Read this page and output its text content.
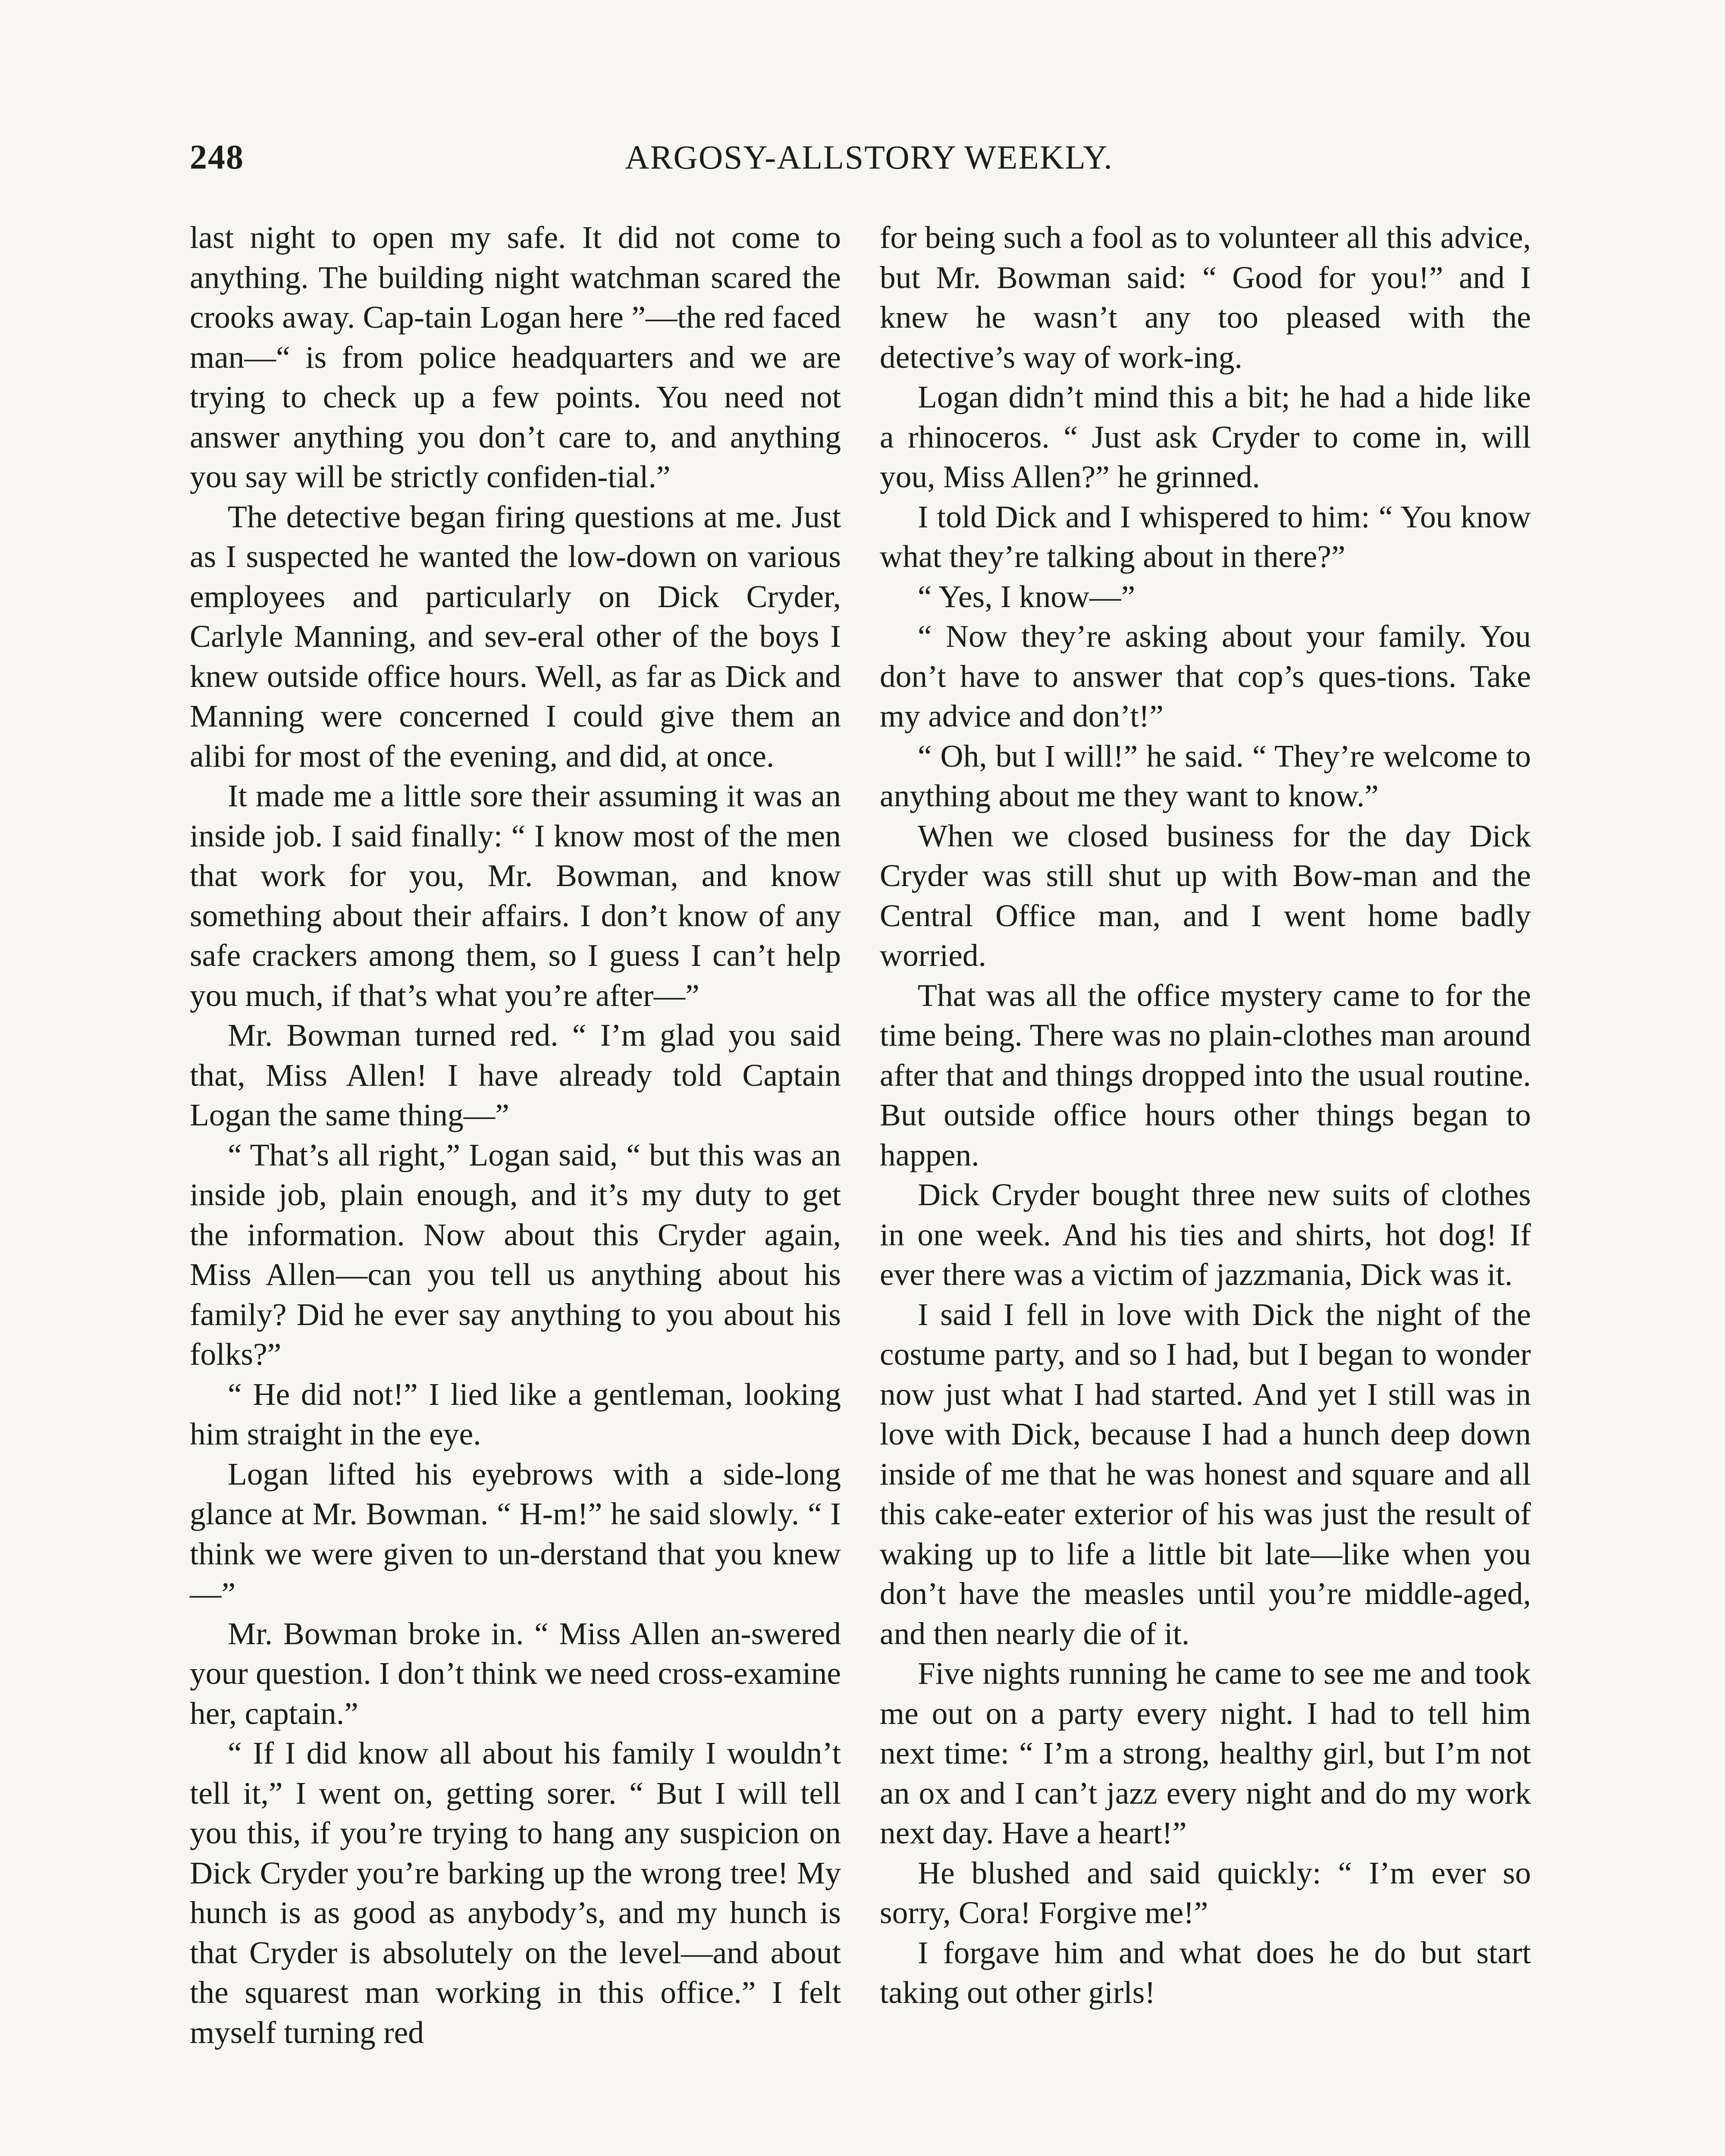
248	ARGOSY-ALLSTORY WEEKLY.

last night to open my safe. It did not come to anything. The building night watchman scared the crooks away. Cap-tain Logan here ”—the red faced man—“ is from police headquarters and we are trying to check up a few points. You need not answer anything you don’t care to, and anything you say will be strictly confiden-tial.”

The detective began firing questions at me. Just as I suspected he wanted the low-down on various employees and particularly on Dick Cryder, Carlyle Manning, and sev-eral other of the boys I knew outside office hours. Well, as far as Dick and Manning were concerned I could give them an alibi for most of the evening, and did, at once.

It made me a little sore their assuming it was an inside job. I said finally: “ I know most of the men that work for you, Mr. Bowman, and know something about their affairs. I don’t know of any safe crackers among them, so I guess I can’t help you much, if that’s what you’re after—”

Mr. Bowman turned red. “ I’m glad you said that, Miss Allen! I have already told Captain Logan the same thing—”

“ That’s all right,” Logan said, “ but this was an inside job, plain enough, and it’s my duty to get the information. Now about this Cryder again, Miss Allen—can you tell us anything about his family? Did he ever say anything to you about his folks?”

“ He did not!” I lied like a gentleman, looking him straight in the eye.

Logan lifted his eyebrows with a side-long glance at Mr. Bowman. “ H-m!” he said slowly. “ I think we were given to un-derstand that you knew—”

Mr. Bowman broke in. “ Miss Allen an-swered your question. I don’t think we need cross-examine her, captain.”

“ If I did know all about his family I wouldn’t tell it,” I went on, getting sorer. “ But I will tell you this, if you’re trying to hang any suspicion on Dick Cryder you’re barking up the wrong tree! My hunch is as good as anybody’s, and my hunch is that Cryder is absolutely on the level—and about the squarest man working in this office.” I felt myself turning red

for being such a fool as to volunteer all this advice, but Mr. Bowman said: “ Good for you!” and I knew he wasn’t any too pleased with the detective’s way of work-ing.

Logan didn’t mind this a bit; he had a hide like a rhinoceros. “ Just ask Cryder to come in, will you, Miss Allen?” he grinned.

I told Dick and I whispered to him: “ You know what they’re talking about in there?”

“ Yes, I know—”

“ Now they’re asking about your family. You don’t have to answer that cop’s ques-tions. Take my advice and don’t!”

“ Oh, but I will!” he said. “ They’re welcome to anything about me they want to know.”

When we closed business for the day Dick Cryder was still shut up with Bow-man and the Central Office man, and I went home badly worried.

That was all the office mystery came to for the time being. There was no plain-clothes man around after that and things dropped into the usual routine. But outside office hours other things began to happen.

Dick Cryder bought three new suits of clothes in one week. And his ties and shirts, hot dog! If ever there was a victim of jazzmania, Dick was it.

I said I fell in love with Dick the night of the costume party, and so I had, but I began to wonder now just what I had started. And yet I still was in love with Dick, because I had a hunch deep down inside of me that he was honest and square and all this cake-eater exterior of his was just the result of waking up to life a little bit late—like when you don’t have the measles until you’re middle-aged, and then nearly die of it.

Five nights running he came to see me and took me out on a party every night. I had to tell him next time: “ I’m a strong, healthy girl, but I’m not an ox and I can’t jazz every night and do my work next day. Have a heart!”

He blushed and said quickly: “ I’m ever so sorry, Cora! Forgive me!”

I forgave him and what does he do but start taking out other girls!
